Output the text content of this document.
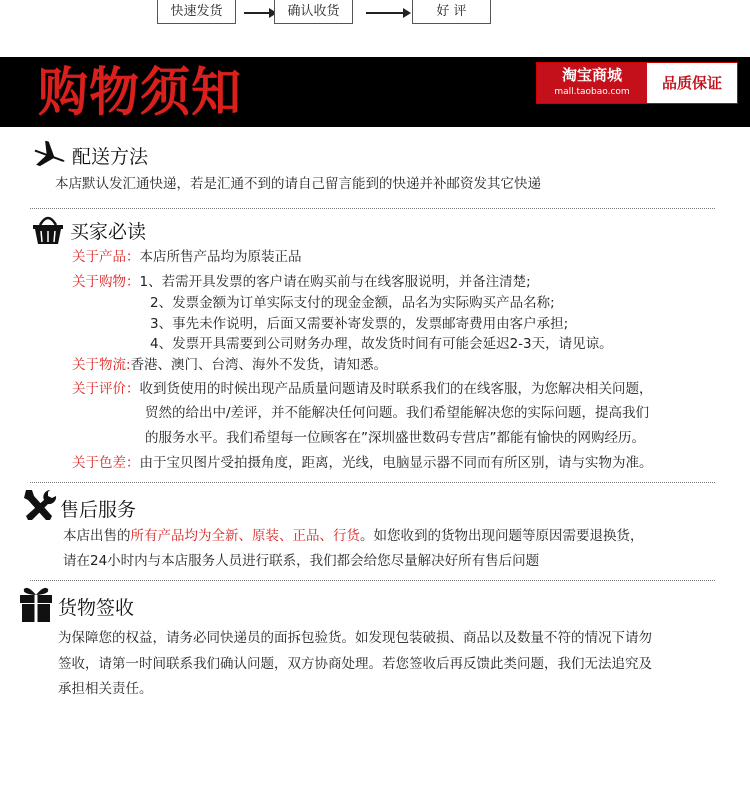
快速发货	确认收货	好 评
购物须知	淘宝商城
mall.taobao.com	品质保证
配送方法
本店默认发汇通快递，若是汇通不到的请自己留言能到的快递并补邮资发其它快递
买家必读
关于产品：本店所售产品均为原装正品
关于购物：1、若需开具发票的客户请在购买前与在线客服说明，并备注清楚;
2、发票金额为订单实际支付的现金金额，品名为实际购买产品名称;
3、事先未作说明，后面又需要补寄发票的，发票邮寄费用由客户承担;
4、发票开具需要到公司财务办理，故发货时间有可能会延迟2-3天，请见谅。
关于物流:香港、澳门、台湾、海外不发货，请知悉。
关于评价：收到货使用的时候出现产品质量问题请及时联系我们的在线客服，为您解决相关问题，
贸然的给出中/差评，并不能解决任何问题。我们希望能解决您的实际问题，提高我们
的服务水平。我们希望每一位顾客在”深圳盛世数码专营店”都能有愉快的网购经历。
关于色差：由于宝贝图片受拍摄角度，距离，光线，电脑显示器不同而有所区别，请与实物为准。
售后服务
本店出售的所有产品均为全新、原装、正品、行货。如您收到的货物出现问题等原因需要退换货，
请在24小时内与本店服务人员进行联系，我们都会给您尽量解决好所有售后问题
货物签收
为保障您的权益，请务必同快递员的面拆包验货。如发现包装破损、商品以及数量不符的情况下请勿
签收，请第一时间联系我们确认问题，双方协商处理。若您签收后再反馈此类问题，我们无法追究及
承担相关责任。
